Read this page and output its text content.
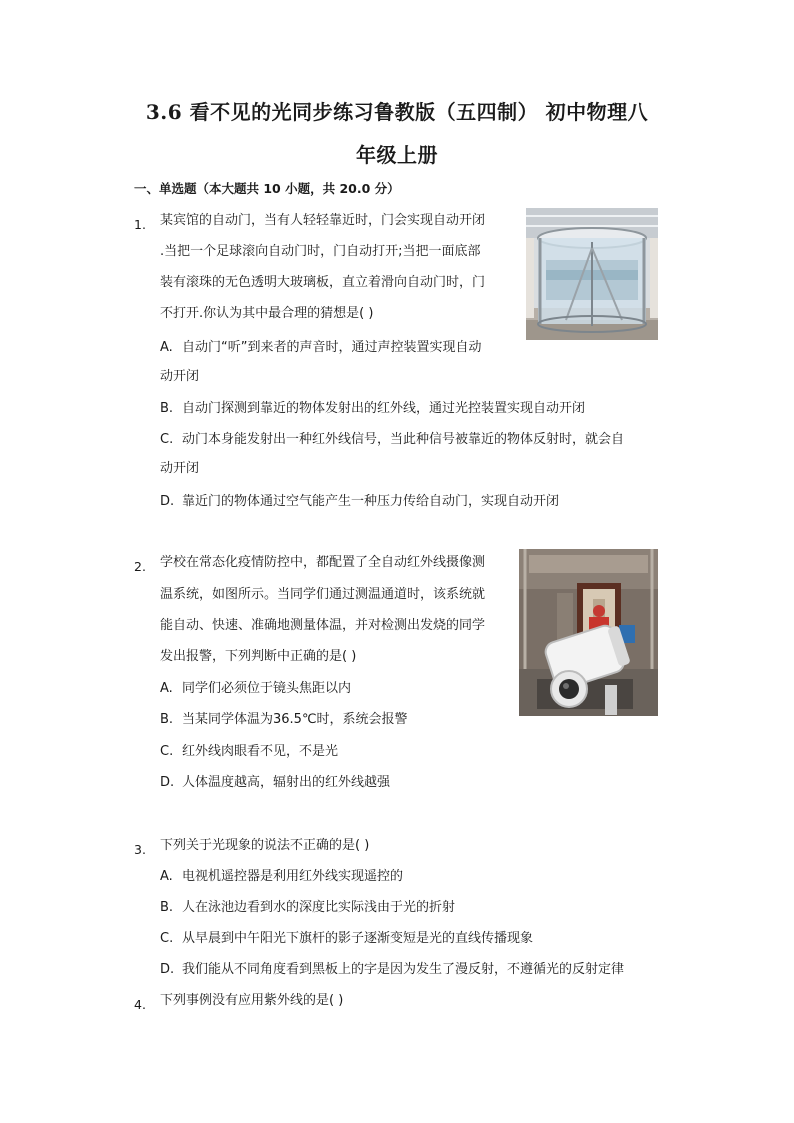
3.6 看不见的光同步练习鲁教版（五四制） 初中物理八
年级上册
一、单选题（本大题共 10 小题，共 20.0 分）
1. 某宾馆的自动门，当有人轻轻靠近时，门会实现自动开闭
.当把一个足球滚向自动门时，门自动打开;当把一面底部
装有滚珠的无色透明大玻璃板，直立着滑向自动门时，门
不打开.你认为其中最合理的猜想是( )
A. 自动门“听”到来者的声音时，通过声控装置实现自动
动开闭
B. 自动门探测到靠近的物体发射出的红外线，通过光控装置实现自动开闭
C. 动门本身能发射出一种红外线信号，当此种信号被靠近的物体反射时，就会自
动开闭
D. 靠近门的物体通过空气能产生一种压力传给自动门，实现自动开闭
2. 学校在常态化疫情防控中，都配置了全自动红外线摄像测
温系统，如图所示。当同学们通过测温通道时，该系统就
能自动、快速、准确地测量体温，并对检测出发烧的同学
发出报警，下列判断中正确的是( )
A. 同学们必须位于镜头焦距以内
B. 当某同学体温为36.5℃时，系统会报警
C. 红外线肉眼看不见，不是光
D. 人体温度越高，辐射出的红外线越强
3. 下列关于光现象的说法不正确的是( )
A. 电视机遥控器是利用红外线实现遥控的
B. 人在泳池边看到水的深度比实际浅由于光的折射
C. 从早晨到中午阳光下旗杆的影子逐渐变短是光的直线传播现象
D. 我们能从不同角度看到黑板上的字是因为发生了漫反射，不遵循光的反射定律
4. 下列事例没有应用紫外线的是( )
